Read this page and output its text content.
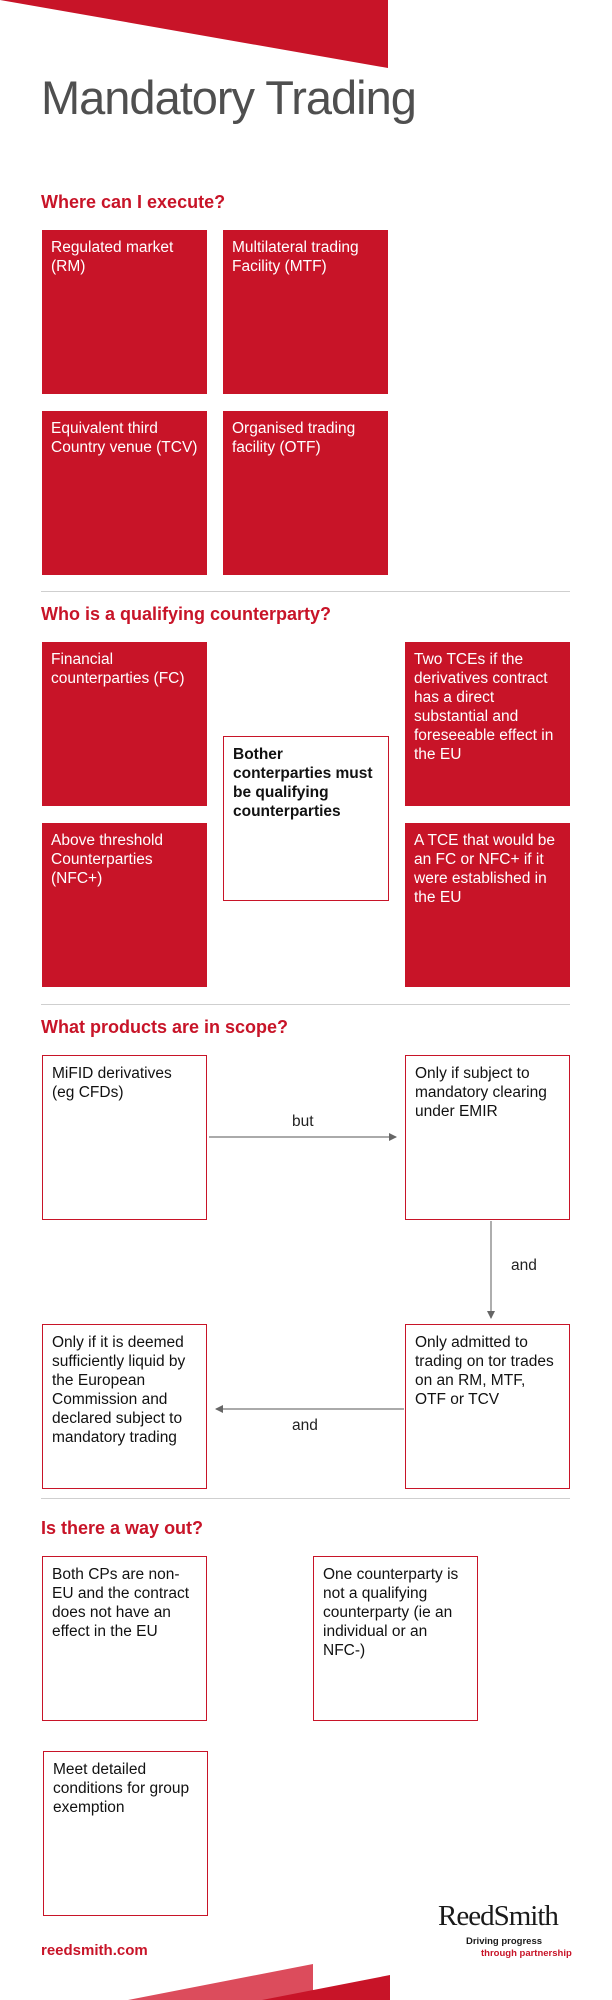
Mandatory Trading
Where can I execute?
Regulated market (RM)
Multilateral trading Facility (MTF)
Equivalent third Country venue (TCV)
Organised trading facility (OTF)
Who is a qualifying counterparty?
Financial counterparties (FC)
Above threshold Counterparties (NFC+)
Bother conterparties must be qualifying counterparties
Two TCEs if the derivatives contract has a direct substantial and foreseeable effect in the EU
A TCE that would be an FC or NFC+ if it were established in the EU
What products are in scope?
MiFID derivatives (eg CFDs)
Only if subject to mandatory clearing under EMIR
Only admitted to trading on tor trades on an RM, MTF, OTF or TCV
Only if it is deemed sufficiently liquid by the European Commission and declared subject to mandatory trading
but
and
and
Is there a way out?
Both CPs are non-EU and the contract does not have an effect in the EU
One counterparty is not a qualifying counterparty (ie an individual or an NFC-)
Meet detailed conditions for group exemption
reedsmith.com
ReedSmith
Driving progress
through partnership
